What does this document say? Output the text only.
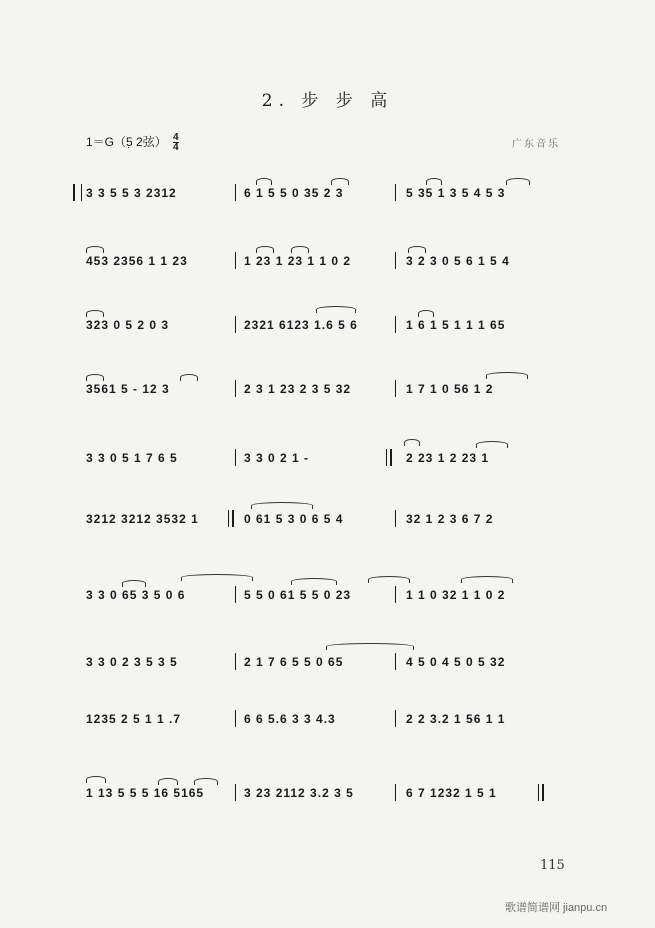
2. 步 步 高
1＝G（5̣ 2弦） $\frac{4}{4}$	广东音乐
3 3 5 5 3 2312	6 1 5 5 0 35 2 3	5 35 1 3 5 4 5 3
453 2356 1 1 23	1 23 1 23 1 1 0 2	3 2 3 0 5 6 1 5 4
323 0 5 2 0 3	2321 6123 1.6 5 6	1 6 1 5 1 1 1 65
3561 5 - 12 3	2 3 1 23 2 3 5 32	1 7 1 0 56 1 2
3 3 0 5 1 7 6 5	3 3 0 2 1 -	2 23 1 2 23 1
3212 3212 3532 1	0 61 5 3 0 6 5 4	32 1 2 3 6 7 2
3 3 0 65 3 5 0 6	5 5 0 61 5 5 0 23	1 1 0 32 1 1 0 2
3 3 0 2 3 5 3 5	2 1 7 6 5 5 0 65	4 5 0 4 5 0 5 32
1235 2 5 1 1 .7	6 6 5.6 3 3 4.3	2 2 3.2 1 56 1 1
1 13 5 5 5 16 5165	3 23 2112 3.2 3 5	6 7 1232 1 5 1
115
歌谱简谱网 jianpu.cn
